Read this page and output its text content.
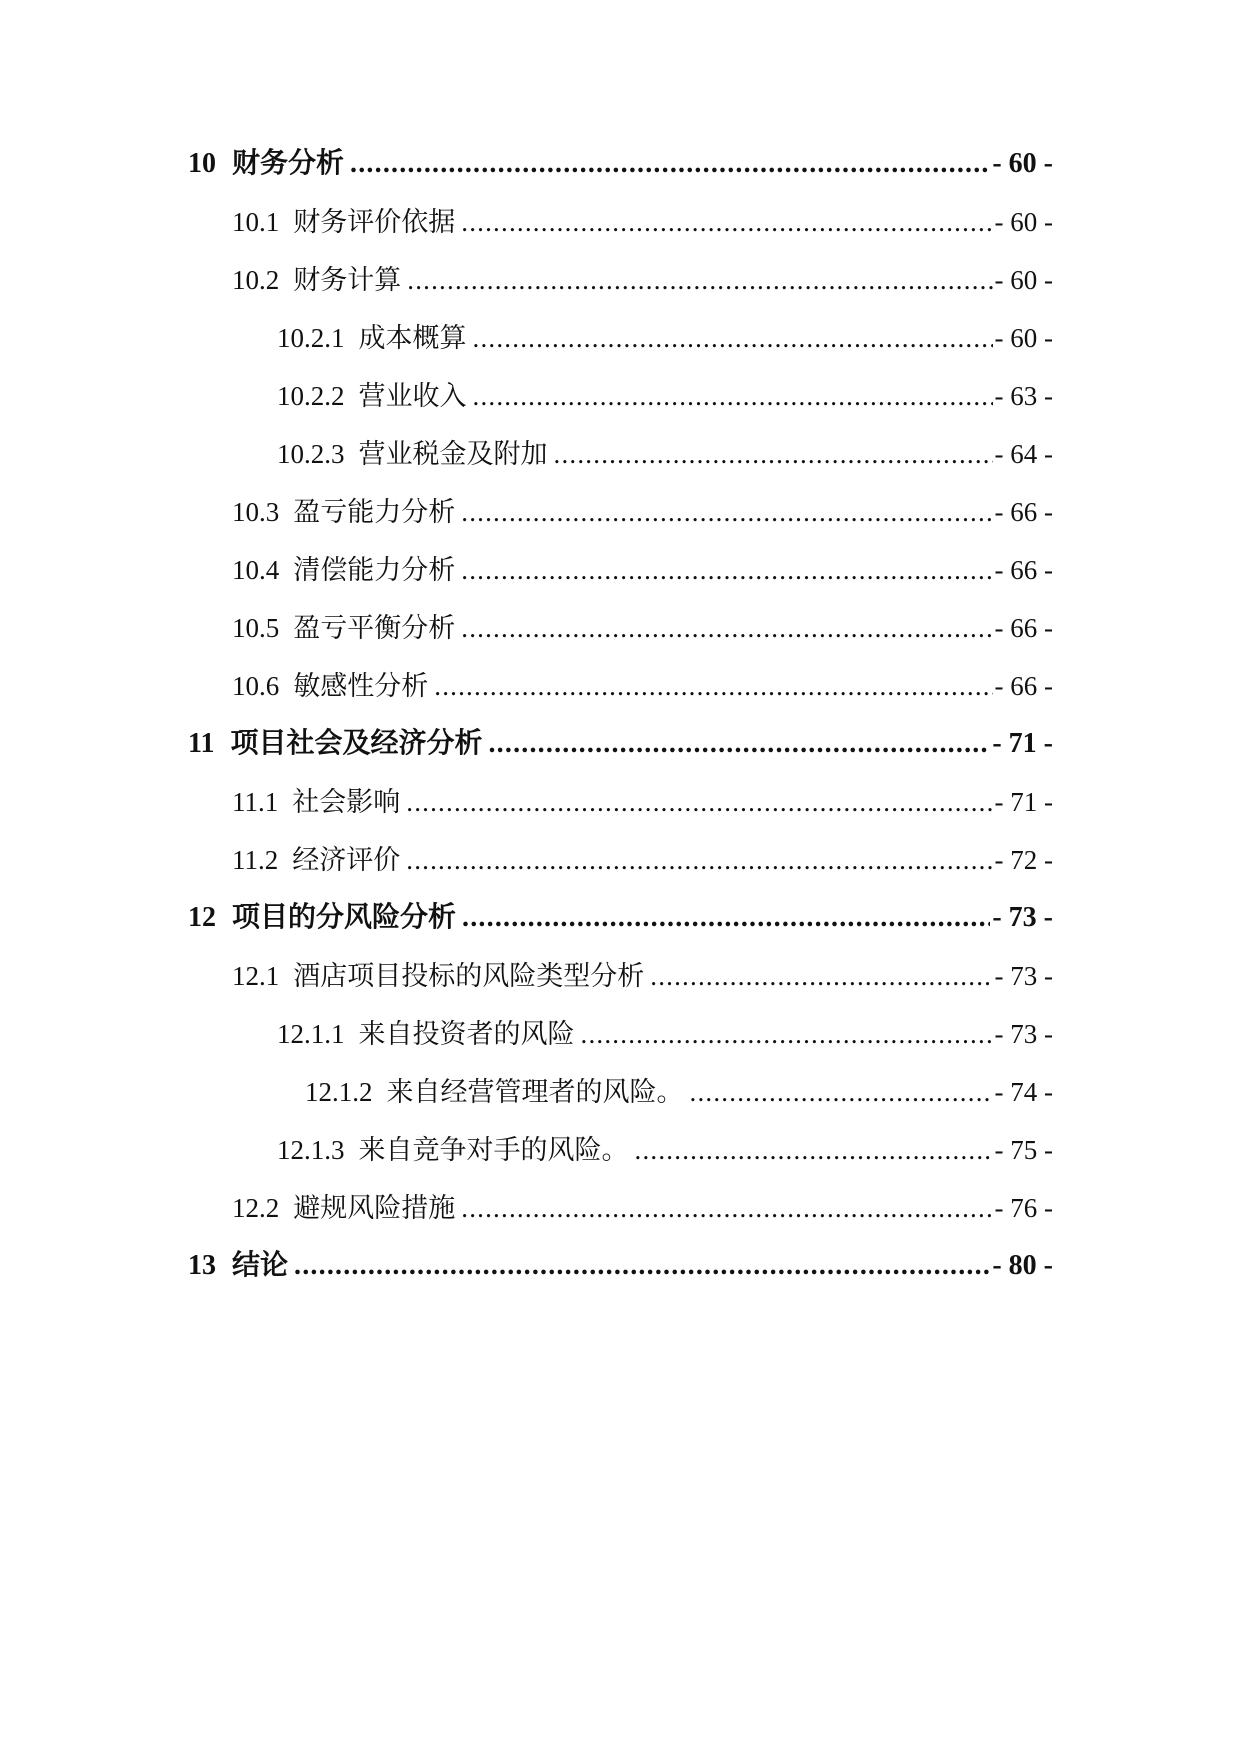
10 财务分析 .....	- 60 -
10.1 财务评价依据 .....	- 60 -
10.2 财务计算 .....	- 60 -
10.2.1 成本概算 .....	- 60 -
10.2.2 营业收入 .....	- 63 -
10.2.3 营业税金及附加 .....	- 64 -
10.3 盈亏能力分析 .....	- 66 -
10.4 清偿能力分析 .....	- 66 -
10.5 盈亏平衡分析 .....	- 66 -
10.6 敏感性分析 .....	- 66 -
11 项目社会及经济分析 .....	- 71 -
11.1 社会影响 .....	- 71 -
11.2 经济评价 .....	- 72 -
12 项目的分风险分析 .....	- 73 -
12.1 酒店项目投标的风险类型分析 .....	- 73 -
12.1.1 来自投资者的风险 .....	- 73 -
12.1.2 来自经营管理者的风险。 .....	- 74 -
12.1.3 来自竞争对手的风险。 .....	- 75 -
12.2 避规风险措施 .....	- 76 -
13 结论 .....	- 80 -
